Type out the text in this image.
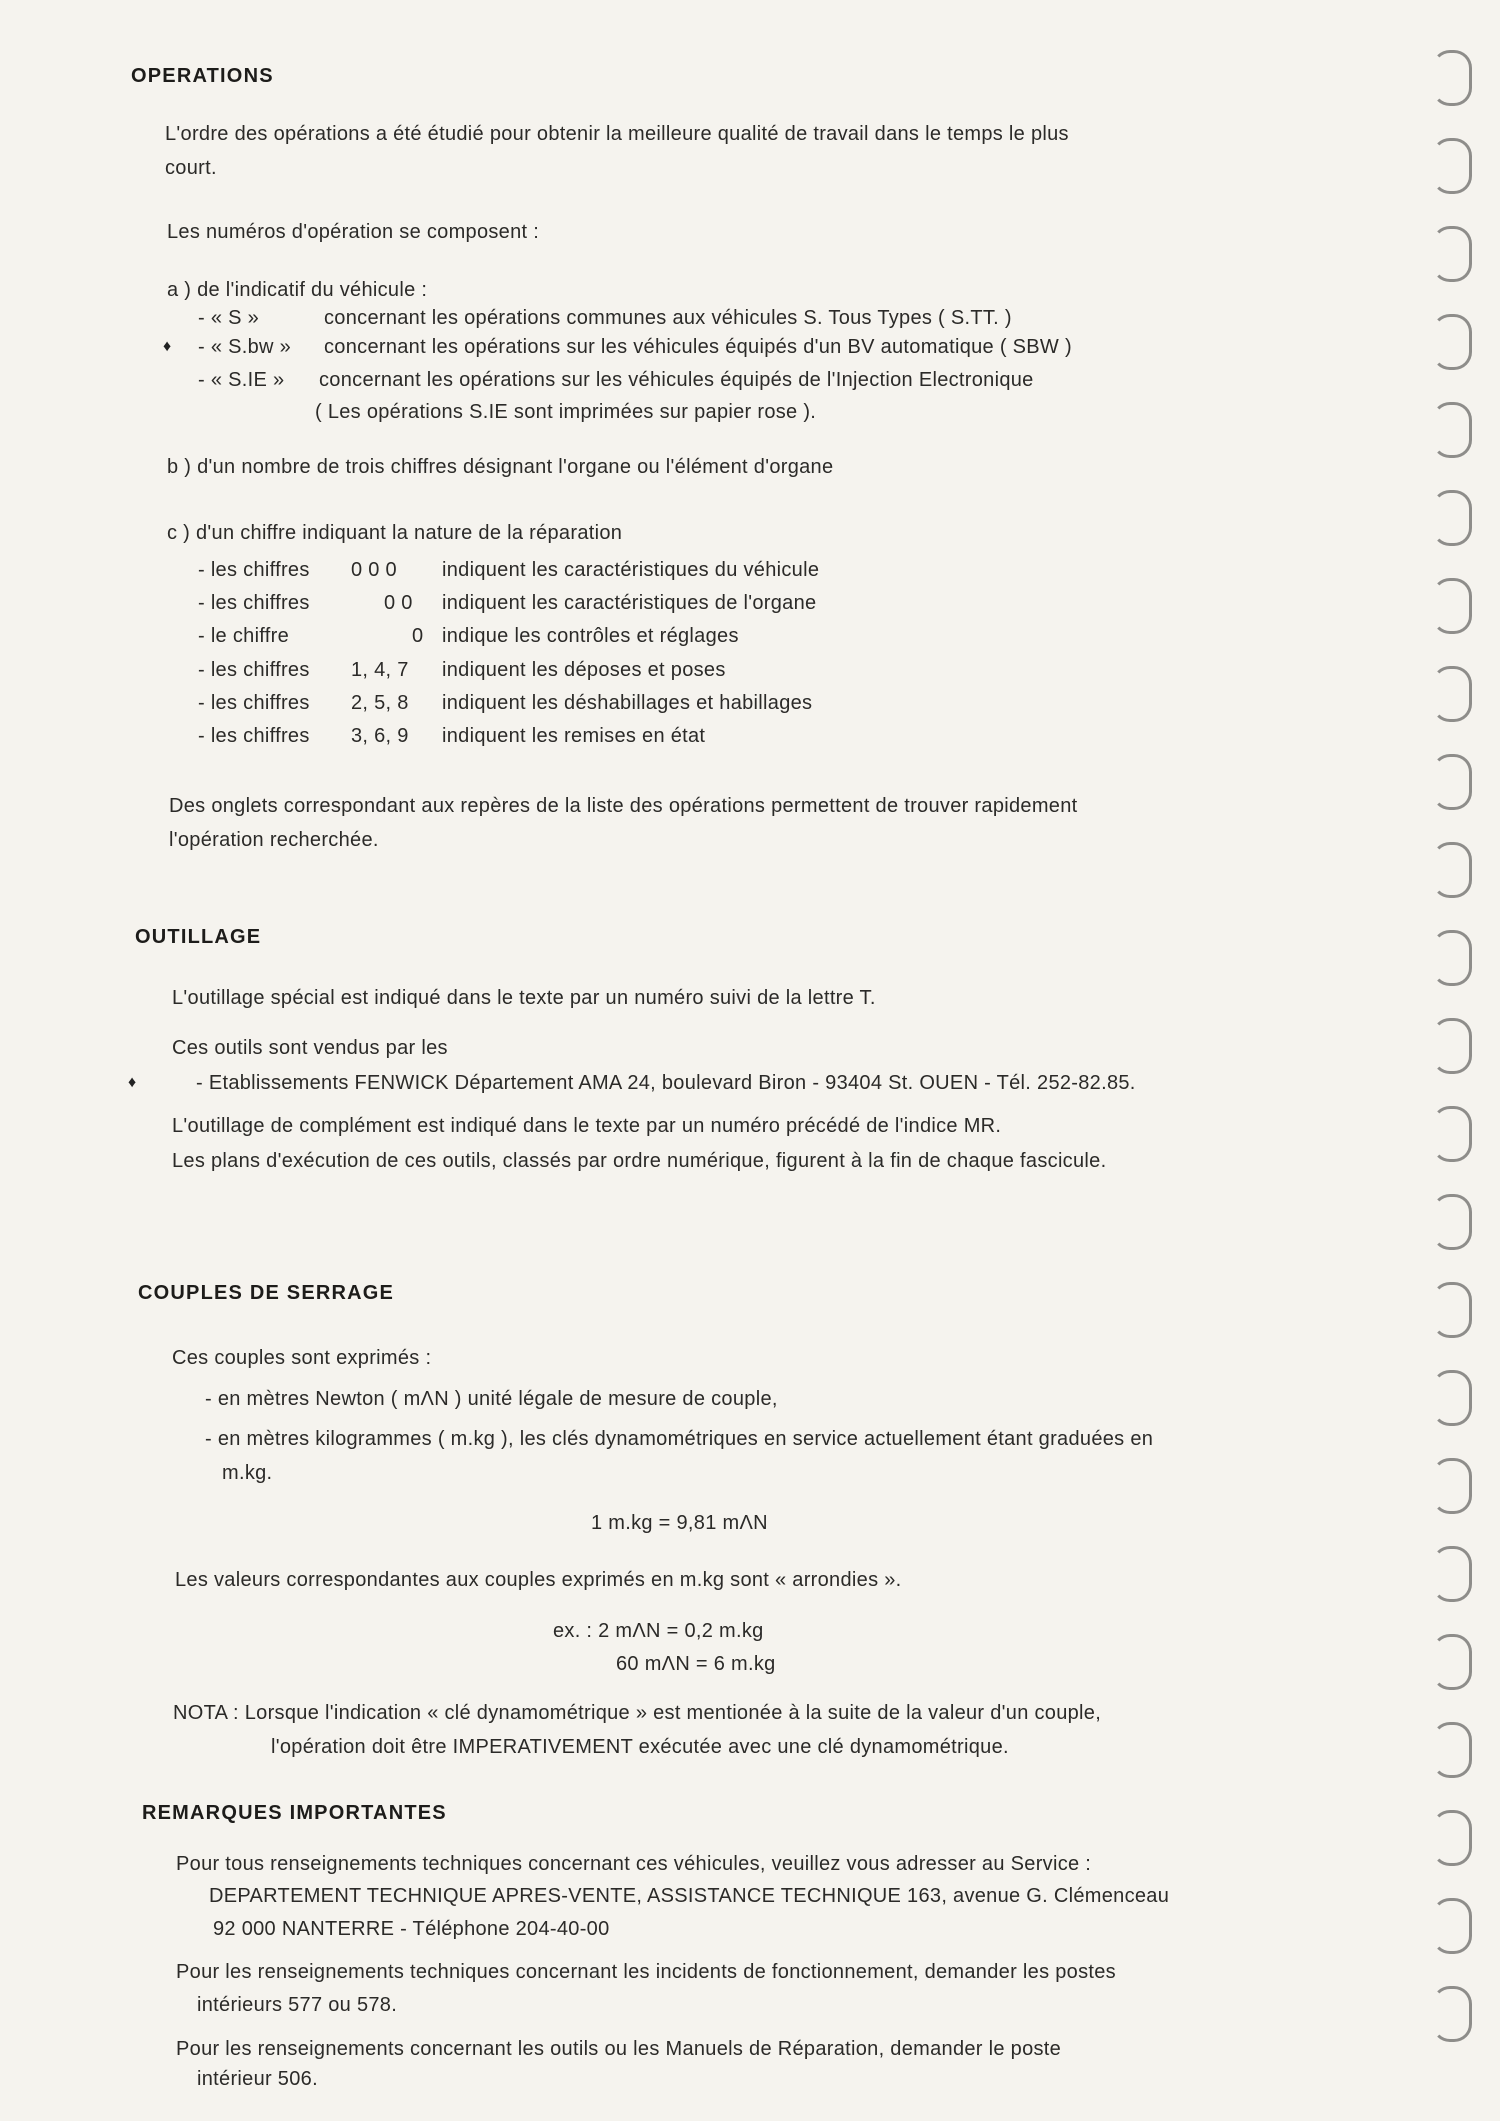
OPERATIONS
L'ordre des opérations a été étudié pour obtenir la meilleure qualité de travail dans le temps le plus
court.
Les numéros d'opération se composent :
a ) de l'indicatif du véhicule :
- « S »	concernant les opérations communes aux véhicules S. Tous Types ( S.TT. )
♦ - « S.bw » concernant les opérations sur les véhicules équipés d'un BV automatique ( SBW )
- « S.IE » concernant les opérations sur les véhicules équipés de l'Injection Electronique
( Les opérations S.IE sont imprimées sur papier rose ).
b ) d'un nombre de trois chiffres désignant l'organe ou l'élément d'organe
c ) d'un chiffre indiquant la nature de la réparation
- les chiffres 0 0 0 indiquent les caractéristiques du véhicule
- les chiffres	0 0 indiquent les caractéristiques de l'organe
- le chiffre	0 indique les contrôles et réglages
- les chiffres 1, 4, 7 indiquent les déposes et poses
- les chiffres 2, 5, 8 indiquent les déshabillages et habillages
- les chiffres 3, 6, 9 indiquent les remises en état
Des onglets correspondant aux repères de la liste des opérations permettent de trouver rapidement
l'opération recherchée.
OUTILLAGE
L'outillage spécial est indiqué dans le texte par un numéro suivi de la lettre T.
Ces outils sont vendus par les
♦	- Etablissements FENWICK Département AMA 24, boulevard Biron - 93404 St. OUEN - Tél. 252-82.85.
L'outillage de complément est indiqué dans le texte par un numéro précédé de l'indice MR.
Les plans d'exécution de ces outils, classés par ordre numérique, figurent à la fin de chaque fascicule.
COUPLES DE SERRAGE
Ces couples sont exprimés :
- en mètres Newton ( mΛN ) unité légale de mesure de couple,
- en mètres kilogrammes ( m.kg ), les clés dynamométriques en service actuellement étant graduées en
m.kg.
1 m.kg = 9,81 mΛN
Les valeurs correspondantes aux couples exprimés en m.kg sont « arrondies ».
ex. : 2 mΛN = 0,2 m.kg
60 mΛN = 6 m.kg
NOTA : Lorsque l'indication « clé dynamométrique » est mentionée à la suite de la valeur d'un couple,
l'opération doit être IMPERATIVEMENT exécutée avec une clé dynamométrique.
REMARQUES IMPORTANTES
Pour tous renseignements techniques concernant ces véhicules, veuillez vous adresser au Service :
DEPARTEMENT TECHNIQUE APRES-VENTE, ASSISTANCE TECHNIQUE 163, avenue G. Clémenceau
92 000 NANTERRE - Téléphone 204-40-00
Pour les renseignements techniques concernant les incidents de fonctionnement, demander les postes
intérieurs 577 ou 578.
Pour les renseignements concernant les outils ou les Manuels de Réparation, demander le poste
intérieur 506.
